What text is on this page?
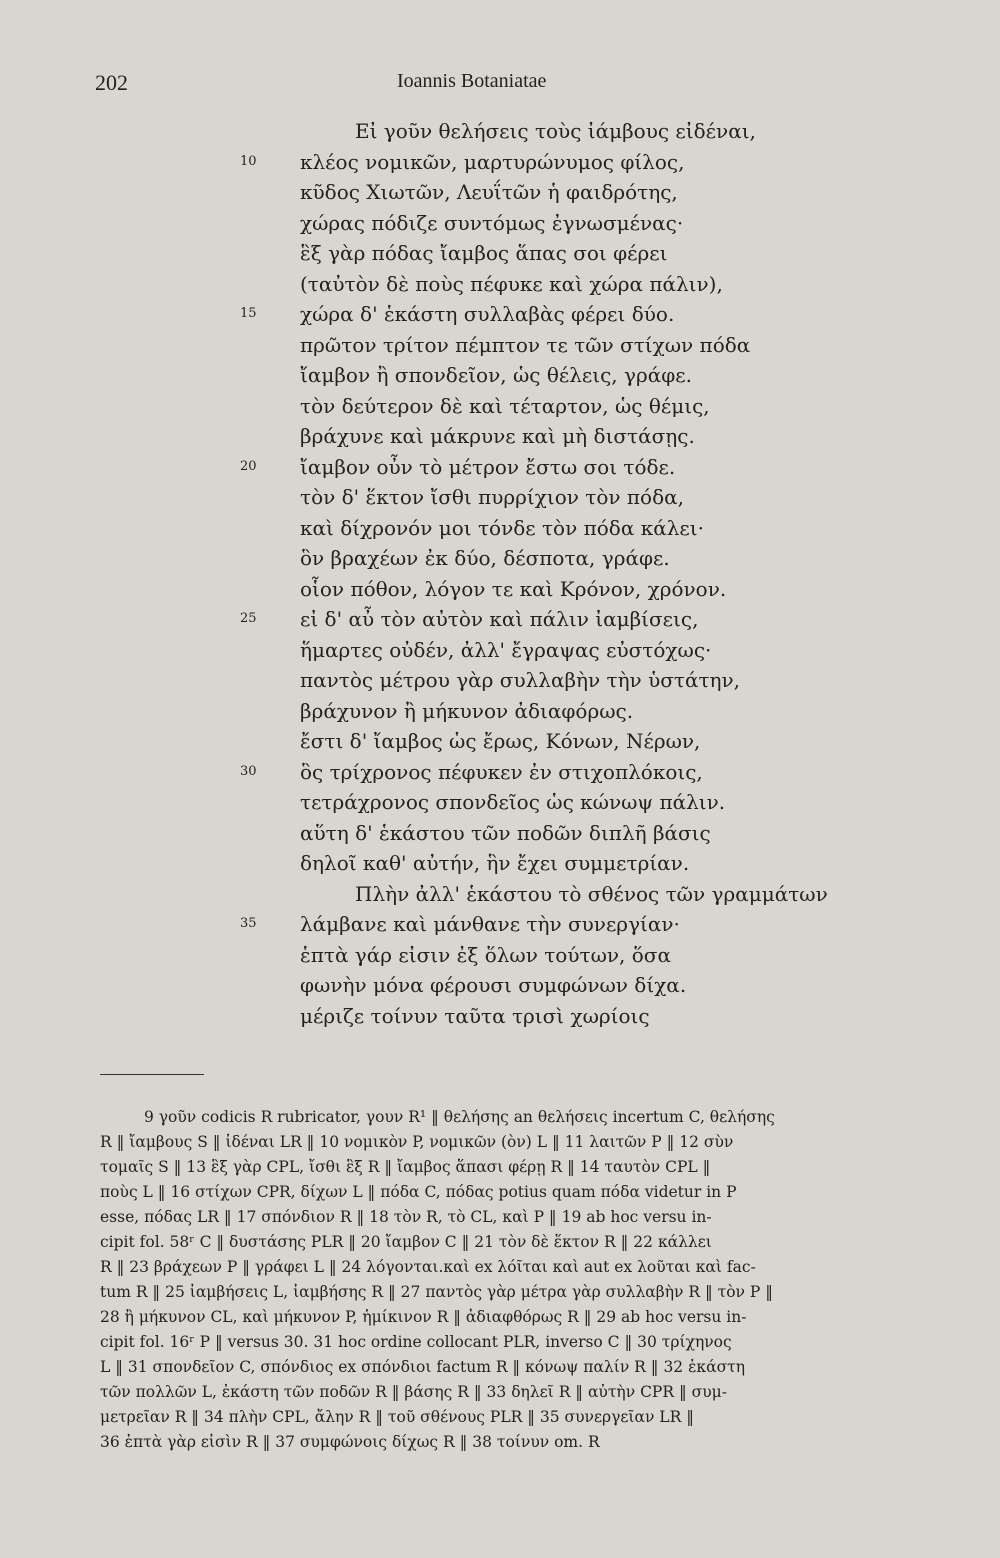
202	Ioannis Botaniatae
Εἰ γοῦν θελήσεις τοὺς ἰάμβους εἰδέναι,
10	κλέος νομικῶν, μαρτυρώνυμος φίλος,
κῦδος Χιωτῶν, Λευΐτῶν ἡ φαιδρότης,
χώρας πόδιζε συντόμως ἐγνωσμένας·
ἓξ γὰρ πόδας ἴαμβος ἅπας σοι φέρει
(ταὐτὸν δὲ ποὺς πέφυκε καὶ χώρα πάλιν),
15	χώρα δ' ἑκάστη συλλαβὰς φέρει δύο.
πρῶτον τρίτον πέμπτον τε τῶν στίχων πόδα
ἴαμβον ἢ σπονδεῖον, ὡς θέλεις, γράφε.
τὸν δεύτερον δὲ καὶ τέταρτον, ὡς θέμις,
βράχυνε καὶ μάκρυνε καὶ μὴ διστάσῃς.
20	ἴαμβον οὖν τὸ μέτρον ἔστω σοι τόδε.
τὸν δ' ἕκτον ἴσθι πυρρίχιον τὸν πόδα,
καὶ δίχρονόν μοι τόνδε τὸν πόδα κάλει·
ὃν βραχέων ἐκ δύο, δέσποτα, γράφε.
οἷον πόθον, λόγον τε καὶ Κρόνον, χρόνον.
25	εἰ δ' αὖ τὸν αὐτὸν καὶ πάλιν ἰαμβίσεις,
ἥμαρτες οὐδέν, ἀλλ' ἔγραψας εὐστόχως·
παντὸς μέτρου γὰρ συλλαβὴν τὴν ὑστάτην,
βράχυνον ἢ μήκυνον ἀδιαφόρως.
ἔστι δ' ἴαμβος ὡς ἔρως, Κόνων, Νέρων,
30	ὃς τρίχρονος πέφυκεν ἐν στιχοπλόκοις,
τετράχρονος σπονδεῖος ὡς κώνωψ πάλιν.
αὕτη δ' ἑκάστου τῶν ποδῶν διπλῆ βάσις
δηλοῖ καθ' αὐτήν, ἣν ἔχει συμμετρίαν.
Πλὴν ἀλλ' ἑκάστου τὸ σθένος τῶν γραμμάτων
35	λάμβανε καὶ μάνθανε τὴν συνεργίαν·
ἑπτὰ γάρ εἰσιν ἐξ ὅλων τούτων, ὅσα
φωνὴν μόνα φέρουσι συμφώνων δίχα.
μέριζε τοίνυν ταῦτα τρισὶ χωρίοις
9 γοῦν codicis R rubricator, γουν R¹ ‖ θελήσης an θελήσεις incertum C, θελήσης
R ‖ ἴαμβους S ‖ ἰδέναι LR ‖ 10 νομικὸν P, νομικῶν (ὸν) L ‖ 11 λαιτῶν P ‖ 12 σὺν
τομαῖς S ‖ 13 ἓξ γὰρ CPL, ἴσθι ἓξ R ‖ ἴαμβος ἅπασι φέρῃ R ‖ 14 ταυτὸν CPL ‖
ποὺς L ‖ 16 στίχων CPR, δίχων L ‖ πόδα C, πόδας potius quam πόδα videtur in P
esse, πόδας LR ‖ 17 σπόνδιον R ‖ 18 τὸν R, τὸ CL, καὶ P ‖ 19 ab hoc versu in-
cipit fol. 58ʳ C ‖ δυστάσης PLR ‖ 20 ἴαμβον C ‖ 21 τὸν δὲ ἕκτον R ‖ 22 κάλλει
R ‖ 23 βράχεων P ‖ γράφει L ‖ 24 λόγονται.καὶ ex λόῖται καὶ aut ex λοῦται καὶ fac-
tum R ‖ 25 ἰαμβήσεις L, ἰαμβήσης R ‖ 27 παντὸς γὰρ μέτρα γὰρ συλλαβὴν R ‖ τὸν P ‖
28 ἢ μήκυνον CL, καὶ μήκυνον P, ἡμίκινον R ‖ ἀδιαφθόρως R ‖ 29 ab hoc versu in-
cipit fol. 16ʳ P ‖ versus 30. 31 hoc ordine collocant PLR, inverso C ‖ 30 τρίχηνος
L ‖ 31 σπονδεῖον C, σπόνδιος ex σπόνδιοι factum R ‖ κόνωψ παλίν R ‖ 32 ἑκάστη
τῶν πολλῶν L, ἑκάστη τῶν ποδῶν R ‖ βάσης R ‖ 33 δηλεῖ R ‖ αὐτὴν CPR ‖ συμ-
μετρεῖαν R ‖ 34 πλὴν CPL, ἄλην R ‖ τοῦ σθένους PLR ‖ 35 συνεργεῖαν LR ‖
36 ἑπτὰ γὰρ εἰσὶν R ‖ 37 συμφώνοις δίχως R ‖ 38 τοίνυν om. R
